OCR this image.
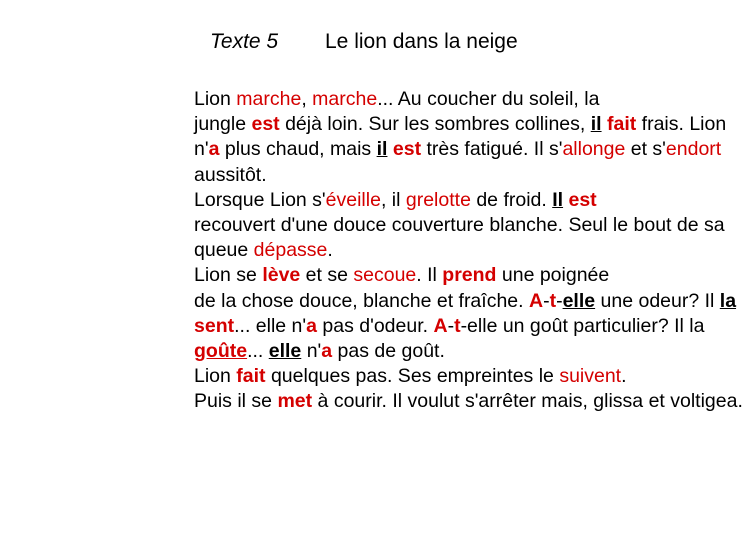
Texte 5 Le lion dans la neige

Lion marche, marche... Au coucher du soleil, la
jungle est déjà loin. Sur les sombres collines, il fait frais. Lion
n'a plus chaud, mais il est très fatigué. Il s'allonge et s'endort
aussitôt.

Lorsque Lion s'éveille, il grelotte de froid. Il est
recouvert d'une douce couverture blanche. Seul le bout de sa
queue dépasse.

Lion se lève et se secoue. Il prend une poignée
de la chose douce, blanche et fraîche. A-t-elle une odeur? Il la
sent... elle n'a pas d'odeur. A-t-elle un goût particulier? Il la
goûte... elle n'a pas de goût.

Lion fait quelques pas. Ses empreintes le suivent.
Puis il se met à courir. Il voulut s'arrêter mais, glissa et voltigea.
